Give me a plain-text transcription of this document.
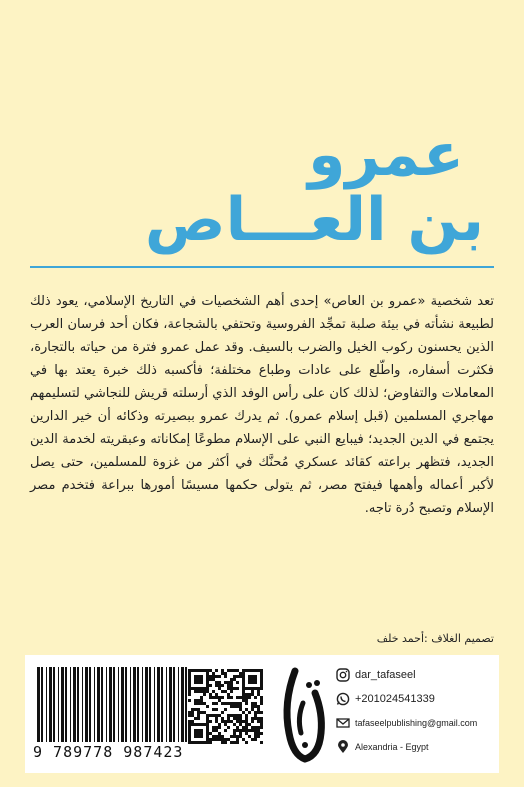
عمرو
بن العـــاص
تعد شخصية «عمرو بن العاص» إحدى أهم الشخصيات في التاريخ الإسلامي، يعود ذلك لطبيعة نشأته في بيئة صلبة تمجِّد الفروسية وتحتفي بالشجاعة، فكان أحد فرسان العرب الذين يحسنون ركوب الخيل والضرب بالسيف. وقد عمل عمرو فترة من حياته بالتجارة، فكثرت أسفاره، واطّلع على عادات وطباع مختلفة؛ فأكسبه ذلك خبرة يعتد بها في المعاملات والتفاوض؛ لذلك كان على رأس الوفد الذي أرسلته قريش للنجاشي لتسليمهم مهاجري المسلمين (قبل إسلام عمرو). ثم يدرك عمرو ببصيرته وذكائه أن خير الدارين يجتمع في الدين الجديد؛ فيبايع النبي على الإسلام مطوعًا إمكاناته وعبقريته لخدمة الدين الجديد، فتظهر براعته كقائد عسكري مُحنَّك في أكثر من غزوة للمسلمين، حتى يصل لأكبر أعماله وأهمها فيفتح مصر، ثم يتولى حكمها مسيسًا أمورها ببراعة فتخدم مصر الإسلام وتصبح دُرة تاجه.
تصميم الغلاف :أحمد خلف
9 789778 987423
dar_tafaseel
+201024541339
tafaseelpublishing@gmail.com
Alexandria - Egypt
